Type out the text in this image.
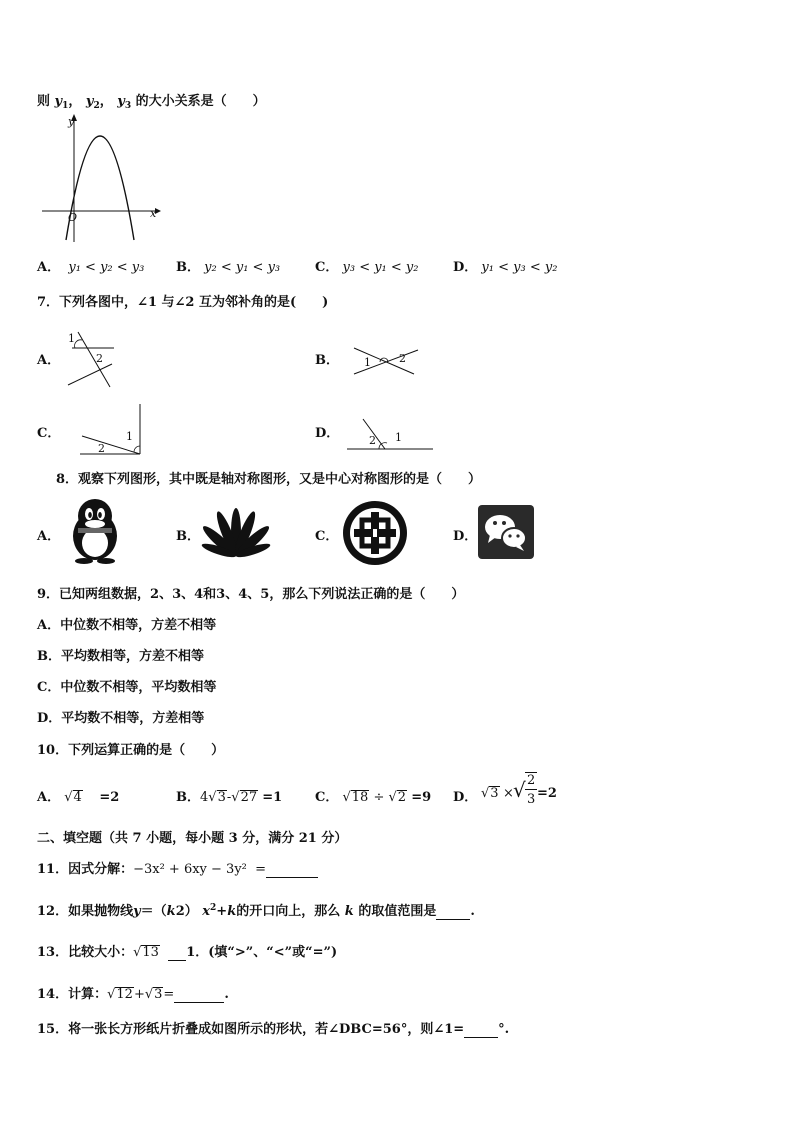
则 $y_1$， $y_2$， $y_3$ 的大小关系是（　　）
y
x
O
A． y₁ < y₂ < y₃ B． y₂ < y₁ < y₃	C． y₃ < y₁ < y₂	D． y₁ < y₃ < y₂
7．下列各图中，∠1 与∠2 互为邻补角的是(　　)
A．
1
2	B． 1	2
C．	1
2
D．	2 1
8．观察下列图形，其中既是轴对称图形，又是中心对称图形的是（　　）
A．	B．	C．	D．
9．已知两组数据，2、3、4和3、4、5，那么下列说法正确的是（　　）
A．中位数不相等，方差不相等
B．平均数相等，方差不相等
C．中位数不相等，平均数相等
D．平均数不相等，方差相等
10．下列运算正确的是（　　）
A． √4 =2	B．4√3-√27 =1	C． √18 ÷ √2 =9 D． √3 × √ 2
3 =2
二、填空题（共 7 小题，每小题 3 分，满分 21 分）
11．因式分解：−3x² + 6xy − 3y² =
12．如果抛物线y＝（k2） $x^2+k$的开口向上，那么 k 的取值范围是	.
13．比较大小：√13 1．(填“>”、“<”或“=”)
14．计算：√12+√3=	.
15．将一张长方形纸片折叠成如图所示的形状，若∠DBC=56°，则∠1=	°.
